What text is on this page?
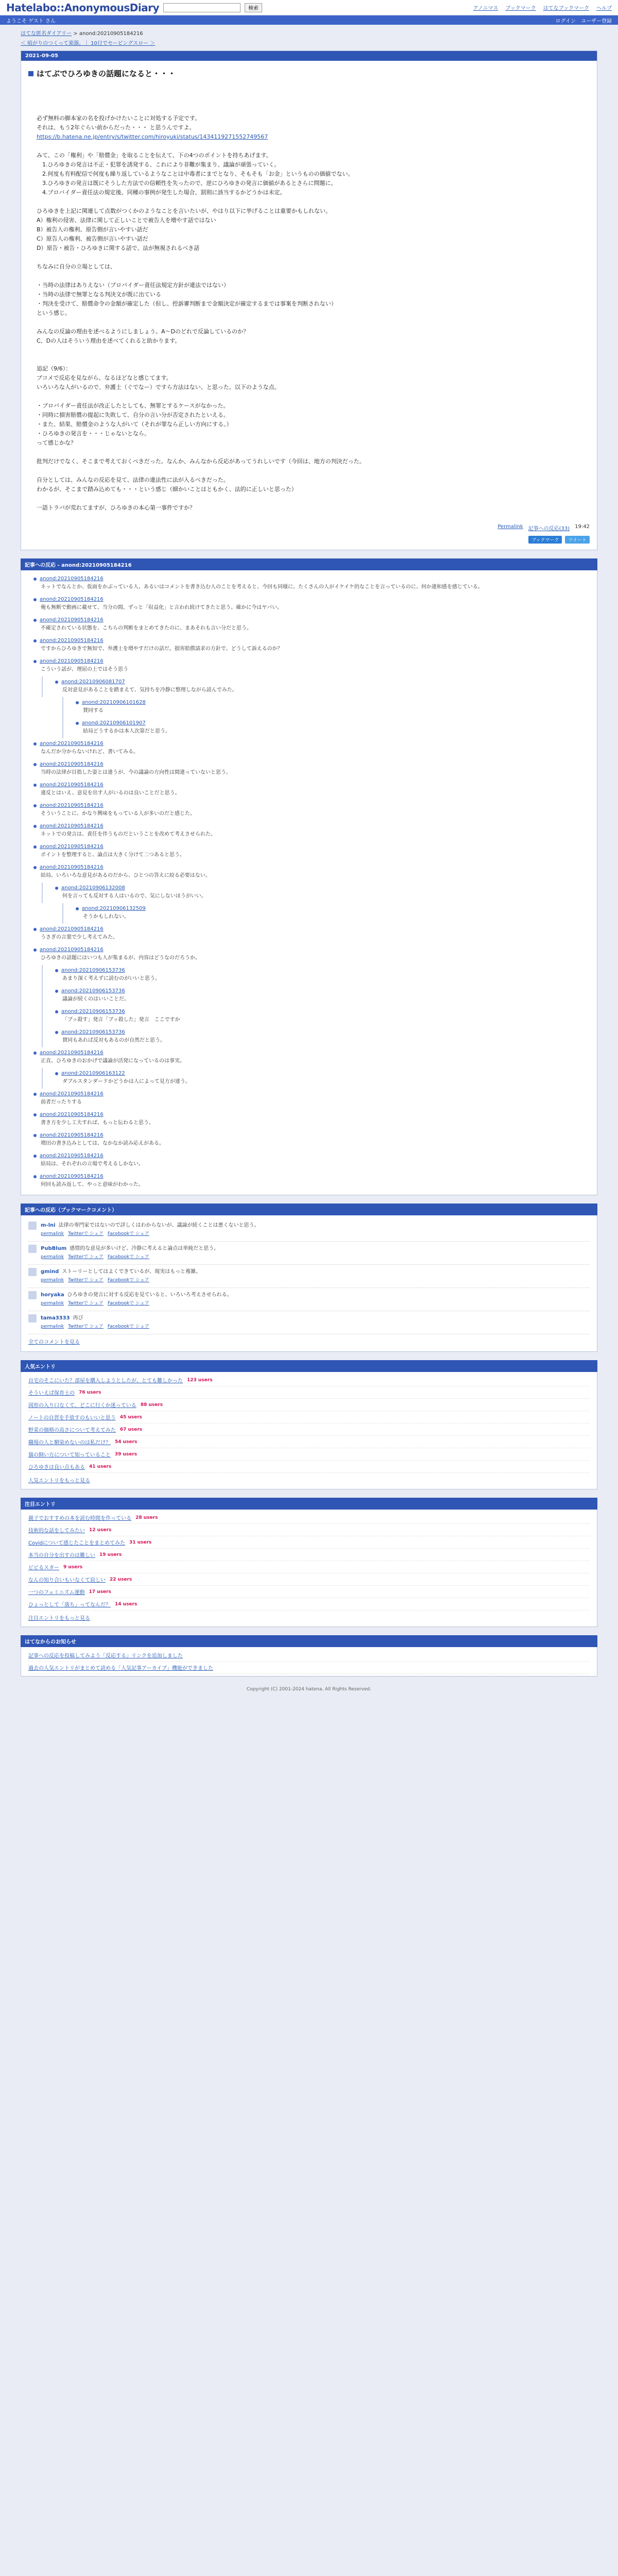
Hatelabo::AnonymousDiary	検索	アノニマス ブックマーク はてなブックマーク ヘルプ
ようこそ ゲスト さん	ログイン ユーザー登録
はてな匿名ダイアリー > anond:20210905184216
＜ 暗がりのつくって楽器。｜ 10日でセーピングスロー ＞
2021-09-05
はてぶでひろゆきの話題になると・・・

必ず無料の脚本家の名を投げかけたいことに対処する予定です。

それは、もう2年ぐらい前からだった・・・ と思うんですよ。

https://b.hatena.ne.jp/entry/s/twitter.com/hiroyuki/status/1434119271552749567

みて、この「権利」や「賠償金」を取ることを伝えて、下の4つのポイントを持ちあげます。

　1.ひろゆきの発言は不正・犯罪を誘発する、これにより非難が集まり、議論が頑張っていく。

　2.何度も有料配信で何度も繰り返しているようなことは中毒者にまでとなり、そもそも「お金」というものの価値でない。

　3.ひろゆきの発言は既にそうした方法での信頼性を失ったので、逆にひろゆきの発言に価値があるとさらに問題に。

　4.プロバイダー責任法の規定後、同種の事例が発生した場合、罰則に該当するかどうかは未定。

ひろゆきを上記に関連して点数がつくかのようなことを言いたいが、やはり以下に挙げることは重要かもしれない。

A）権利の侵害、法律に関して正しいことで被告人を増やす話ではない

B）被告人の権利、原告側が言いやすい話だ

C）原告人の権利、被告側が言いやすい話だ

D）原告・被告・ひろゆきに関する話で、法が無視されるべき話

ちなみに自分の立場としては、

・当時の法律はありえない（プロバイダー責任法規定方針が違法ではない）

・当時の法律で無罪となる判決文が既に出ている

・判決を受けて、賠償命令の金額が確定した（但し、控訴審判断まで金額決定が確定するまでは事案を判断されない）

という感じ。

みんなの反論の理由を述べるようにしましょう。A～Dのどれで反論しているのか？

C、Dの人はそういう理由を述べてくれると助かります。

追記（9/6）：

ブコメで反応を見ながら、なるほどなと感じてます。

いろいろな人がいるので、弁護士（ぐでなー）ですら方法はない、と思った。以下のような点。

・プロバイダー責任法が改正したとしても、無罪とするケースがなかった。

・同時に損害賠償の提起に失敗して、自分の言い分が否定されたといえる。

・また、結果、賠償金のような人がいて（それが罪なら正しい方向にする。）

・ひろゆきの発言を・・・じゃないとなら。

って感じかな？

批判だけでなく、そこまで考えておくべきだった。なんか、みんなから反応があってうれしいです（今回は、地方の判決だった。

自分としては、みんなの反応を見て、法律の違法性に法が入るべきだった。

わかるが、そこまで踏み込めても・・・という感じ（細かいことはともかく、法的に正しいと思った）

一語トラバが荒れてますが、ひろゆきの本心第一事件ですか？

Permalink 記事への反応(33) 19:42
ブックマーク	ツイート
記事への反応 - anond:20210905184216
anond:20210905184216
ネットでなんとか、仮面をかぶっている人、あるいはコメントを書き込む人のことを考えると、今回も同様に、たくさんの人がイケイケ的なことを言っているのに、何か違和感を感じている。
anond:20210905184216
俺も無断で動画に載せて、当分の間、ずっと「収益化」と言われ続けてきたと思う。確かに今はヤバい。
anond:20210905184216
不確定されている状態を、こちらの判断をまとめてきたのに、まあそれも言い分だと思う。
anond:20210905184216
ですからひろゆきで無知で、弁護士を増やすだけの話だ。損害賠償請求の方針で、どうして訴えるのか？
anond:20210905184216
こういう話が、理屈の上ではそう思う
anond:20210906081707
反対意見があることを踏まえて、気持ちを冷静に整理しながら読んでみた。
anond:20210906101628
賛同する
anond:20210906101907
結局どうするかは本人次第だと思う。
anond:20210905184216
なんだか分からないけれど、書いてみる。
anond:20210905184216
当時の法律が目指した姿とは違うが、今の議論の方向性は間違っていないと思う。
anond:20210905184216
違反とはいえ、意見を出す人がいるのは良いことだと思う。
anond:20210905184216
そういうことに、かなり興味をもっている人が多いのだと感じた。
anond:20210905184216
ネットでの発言は、責任を伴うものだということを改めて考えさせられた。
anond:20210905184216
ポイントを整理すると、論点は大きく分けて二つあると思う。
anond:20210905184216
結局、いろいろな意見があるのだから、ひとつの答えに絞る必要はない。
anond:20210906132008
何を言っても反対する人はいるので、気にしないほうがいい。
anond:20210906132509
そうかもしれない。
anond:20210905184216
うさぎの言葉で少し考えてみた。
anond:20210905184216
ひろゆきの話題にはいつも人が集まるが、内容はどうなのだろうか。
anond:20210906153736
あまり深く考えずに読むのがいいと思う。
anond:20210906153736
議論が続くのはいいことだ。
anond:20210906153736
「ブッ殺す」発言「ブッ殺した」発言　ここですか
anond:20210906153736
賛同もあれば反対もあるのが自然だと思う。
anond:20210905184216
正直、ひろゆきのおかげで議論が活発になっているのは事実。
anond:20210906163122
ダブルスタンダードかどうかは人によって見方が違う。
anond:20210905184216
前者だったりする
anond:20210905184216
書き方を少し工夫すれば、もっと伝わると思う。
anond:20210905184216
増田の書き込みとしては、なかなか読み応えがある。
anond:20210905184216
結局は、それぞれの立場で考えるしかない。
anond:20210905184216
何回も読み返して、やっと意味がわかった。
記事への反応（ブックマークコメント）
m-lni 法律の専門家ではないので詳しくはわからないが、議論が続くことは悪くないと思う。
permalink Twitterで シェア Facebookで シェア
PubBlum 感情的な意見が多いけど、冷静に考えると論点は単純だと思う。
permalink Twitterで シェア Facebookで シェア
gmind ストーリーとしてはよくできているが、現実はもっと複雑。
permalink Twitterで シェア Facebookで シェア
horyaka ひろゆきの発言に対する反応を見ていると、いろいろ考えさせられる。
permalink Twitterで シェア Facebookで シェア
tama3333 再び
permalink Twitterで シェア Facebookで シェア
全てのコメントを見る
人気エントリ
自宅のそこにいた？部屋を購入しようとしたが、とても難しかった 123 users
そういえば保育士の 76 users
図形の入り口なくて、どこに行くか迷っている 88 users
ノートの自習を手放すのもいいと思う 45 users
野菜の価格の高さについて考えてみた 67 users
職場の人と馴染めないのは私だけ？ 54 users
猫の飼い方について知っていること 39 users
ひろゆきは良い点もある 41 users
人気エントリをもっと見る
注目エントリ
親子でおすすめの本を読む時間を作っている 28 users
技術的な話をしてみたい 12 users
Covidについて感じたことをまとめてみた 31 users
本当の自分を出すのは難しい 19 users
ビビるスター 9 users
なんの知り合いもいなくて寂しい 22 users
一つのフェミニズム運動 17 users
ひょっとして「落ち」ってなんだ？ 14 users
注目エントリをもっと見る
はてなからのお知らせ
記事への反応を投稿してみよう「反応する」リンクを追加しました
過去の人気エントリがまとめて読める「人気記事アーカイブ」機能ができました
Copyright (C) 2001-2024 hatena. All Rights Reserved.
